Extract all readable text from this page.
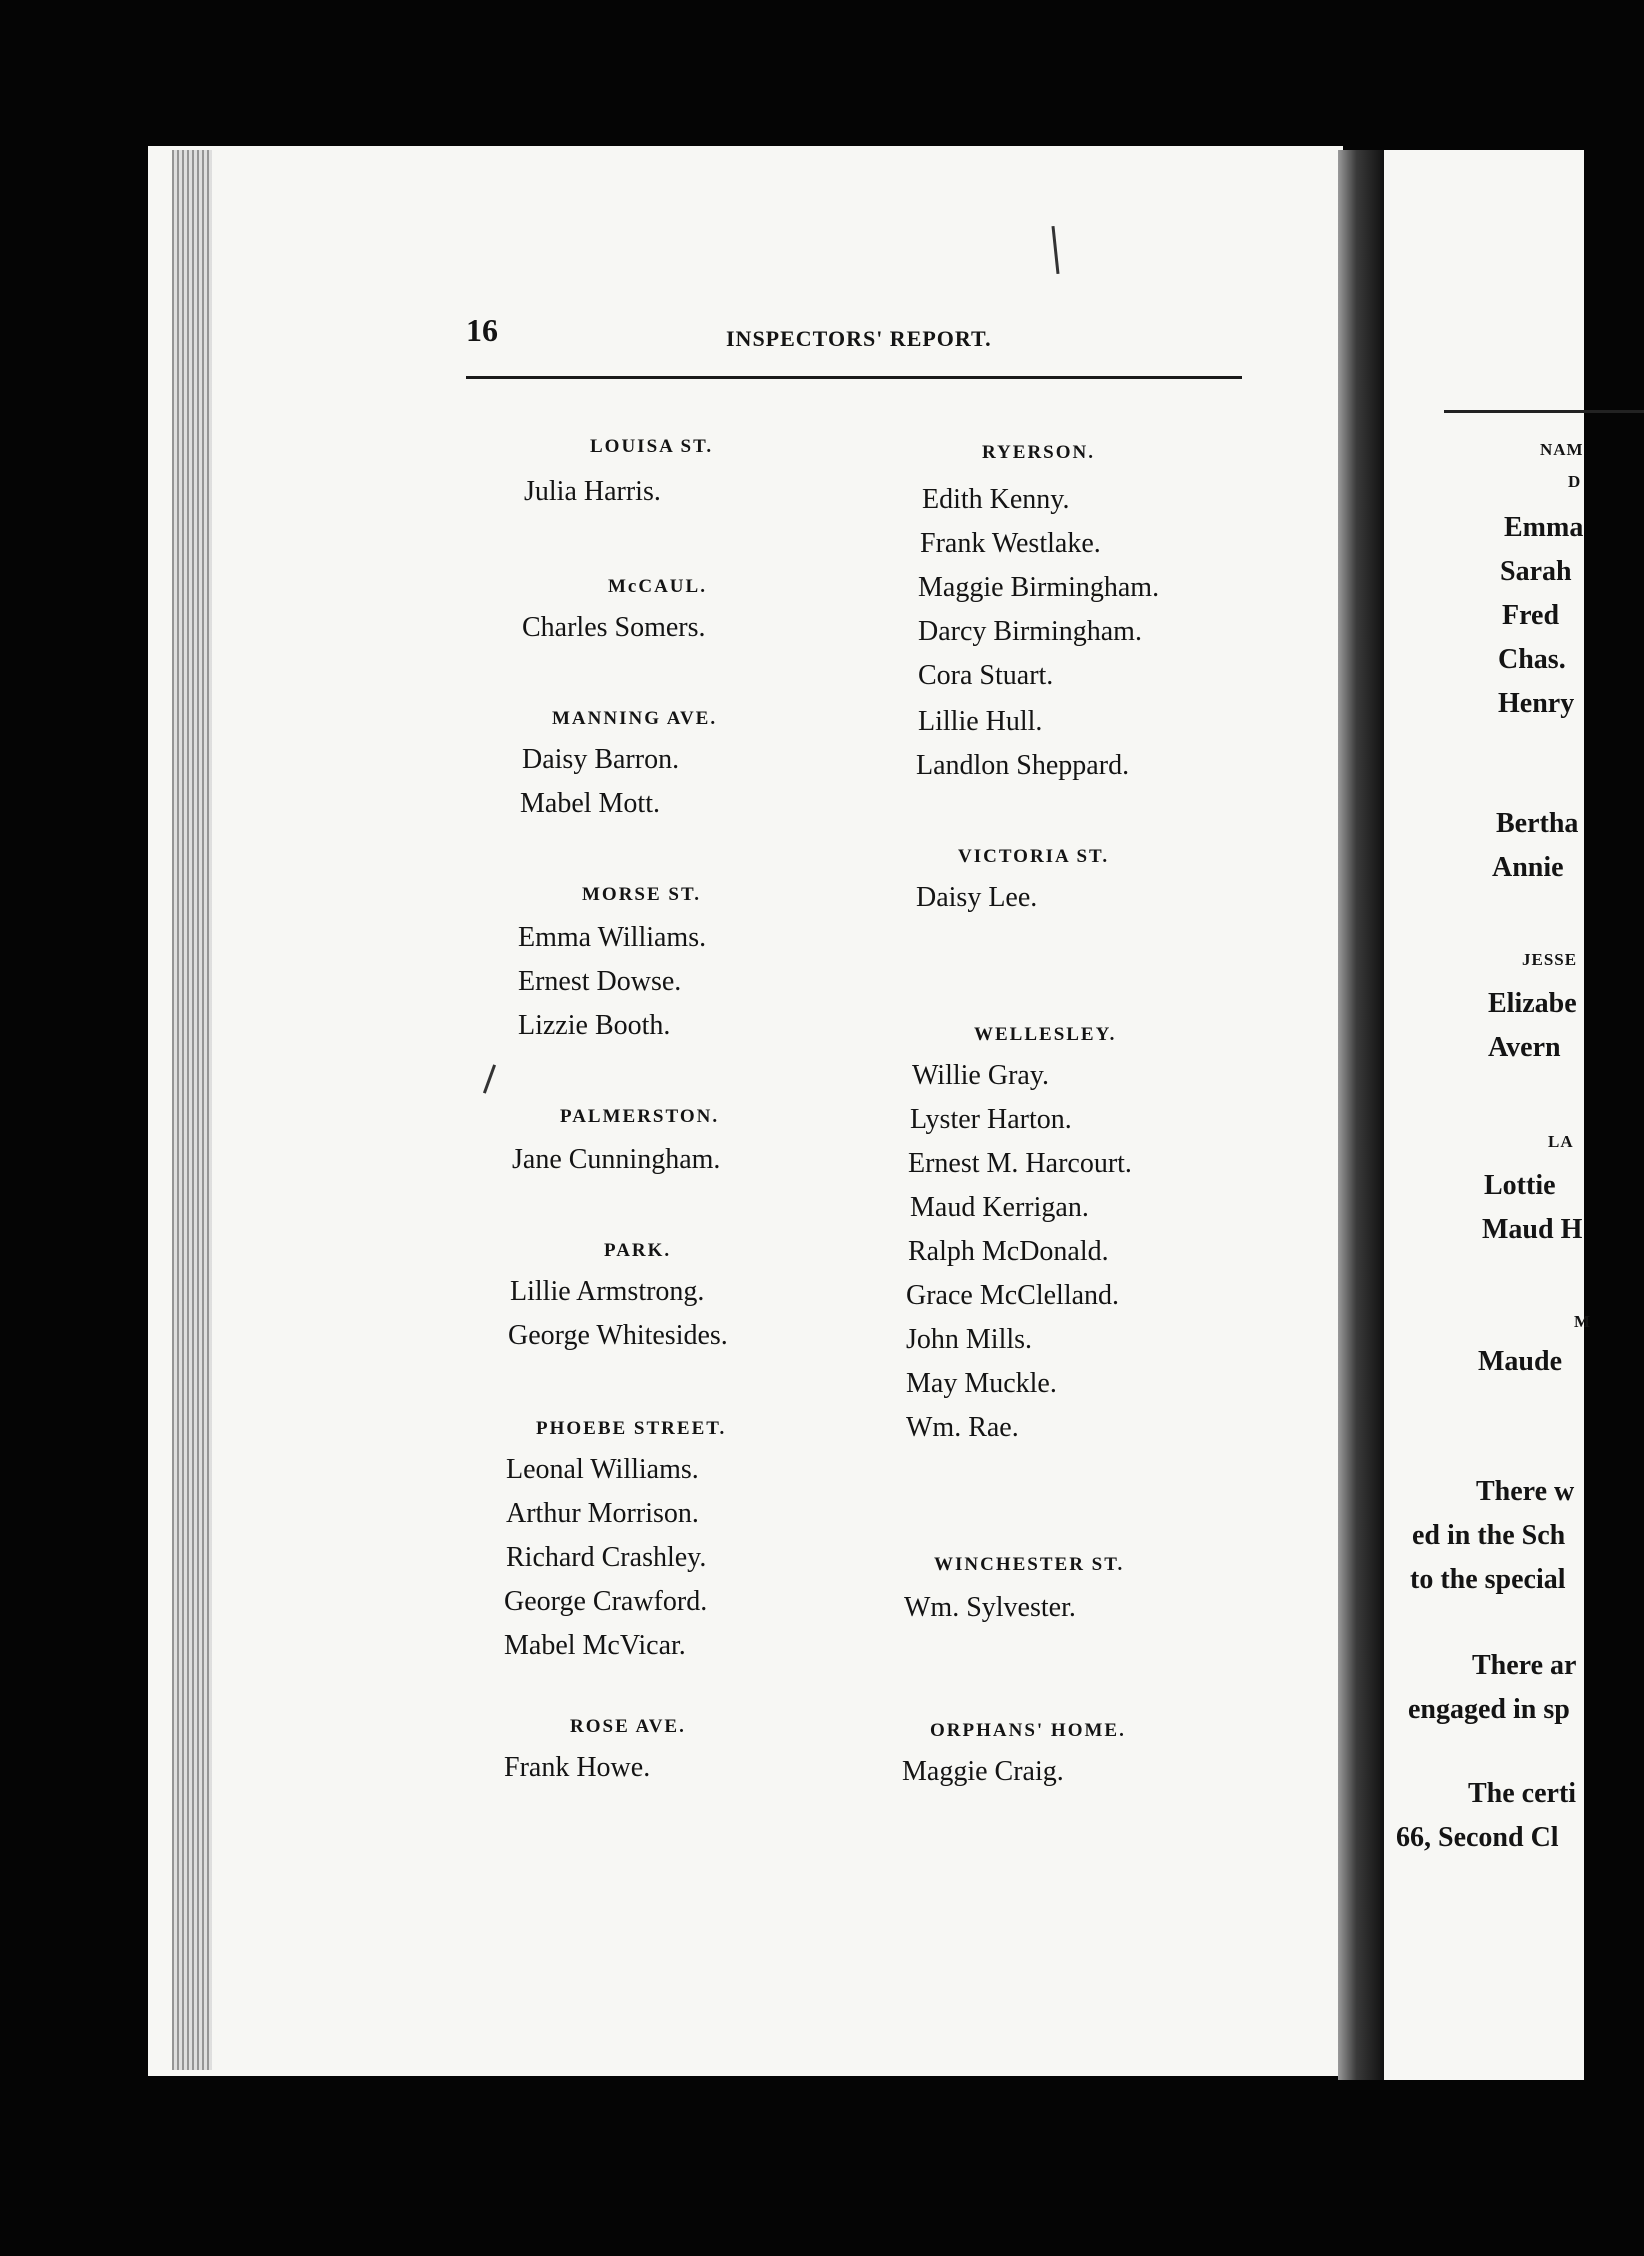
NAM
D
Emma
Sarah
Fred
Chas.
Henry
Bertha
Annie
JESSE
Elizabe
Avern
LA
Lottie
Maud H
M
Maude
There w
ed in the Sch
to the special
There ar
engaged in sp
The certi
66, Second Cl
16	INSPECTORS' REPORT.
LOUISA ST.
Julia Harris.
McCAUL.
Charles Somers.
MANNING AVE.
Daisy Barron.
Mabel Mott.
MORSE ST.
Emma Williams.
Ernest Dowse.
Lizzie Booth.
PALMERSTON.
Jane Cunningham.
PARK.
Lillie Armstrong.
George Whitesides.
PHOEBE STREET.
Leonal Williams.
Arthur Morrison.
Richard Crashley.
George Crawford.
Mabel McVicar.
ROSE AVE.
Frank Howe.
RYERSON.
Edith Kenny.
Frank Westlake.
Maggie Birmingham.
Darcy Birmingham.
Cora Stuart.
Lillie Hull.
Landlon Sheppard.
VICTORIA ST.
Daisy Lee.
WELLESLEY.
Willie Gray.
Lyster Harton.
Ernest M. Harcourt.
Maud Kerrigan.
Ralph McDonald.
Grace McClelland.
John Mills.
May Muckle.
Wm. Rae.
WINCHESTER ST.
Wm. Sylvester.
ORPHANS' HOME.
Maggie Craig.
